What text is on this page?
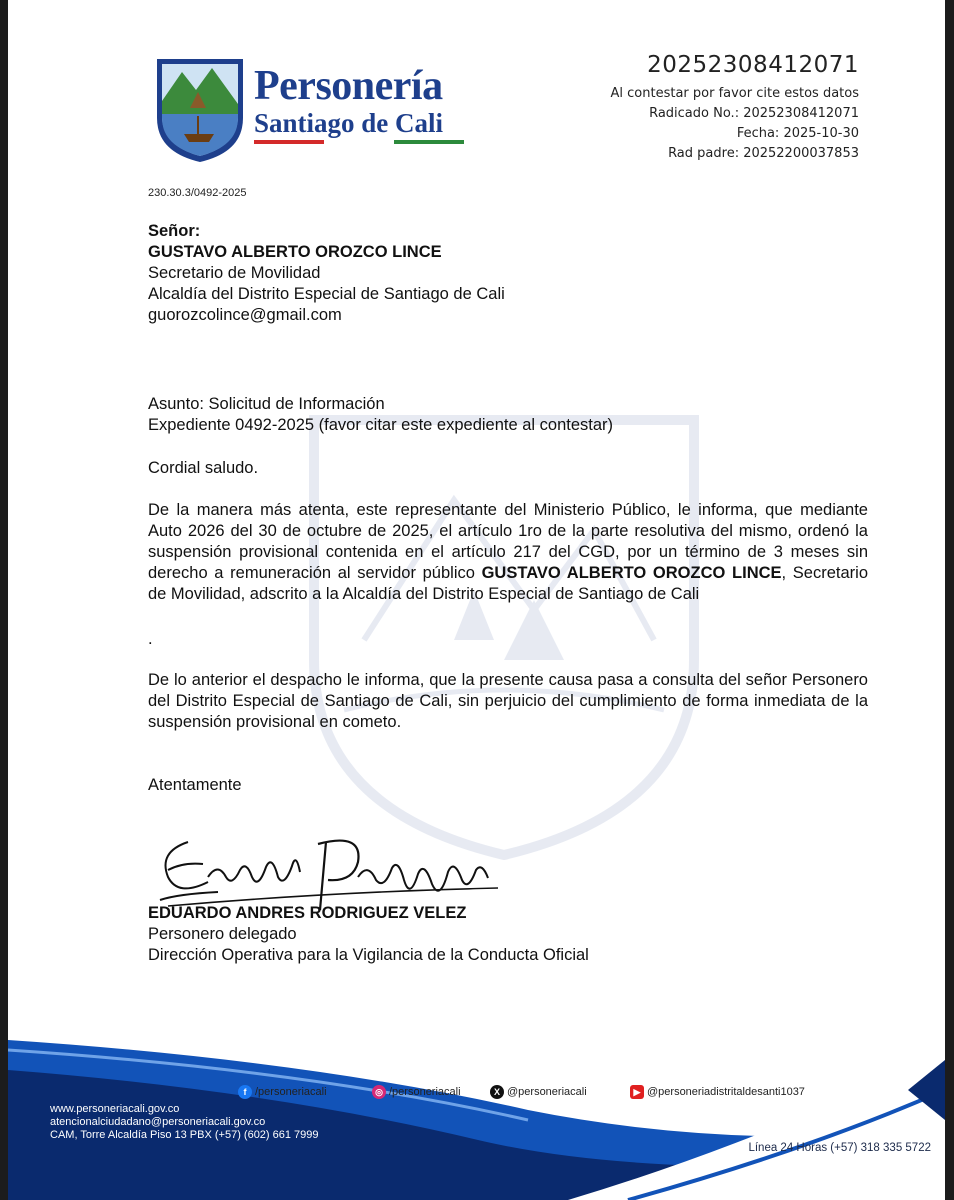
Personería
Santiago de Cali
20252308412071
Al contestar por favor cite estos datos
Radicado No.: 20252308412071
Fecha: 2025-10-30
Rad padre: 20252200037853
230.30.3/0492-2025
Señor:
GUSTAVO ALBERTO OROZCO LINCE
Secretario de Movilidad
Alcaldía del Distrito Especial de Santiago de Cali
guorozcolince@gmail.com
Asunto: Solicitud de Información
Expediente 0492-2025 (favor citar este expediente al contestar)
Cordial saludo.
De la manera más atenta, este representante del Ministerio Público, le informa, que mediante Auto 2026 del 30 de octubre de 2025, el artículo 1ro de la parte resolutiva del mismo, ordenó la suspensión provisional contenida en el artículo 217 del CGD, por un término de 3 meses sin derecho a remuneración al servidor público GUSTAVO ALBERTO OROZCO LINCE, Secretario de Movilidad, adscrito a la Alcaldía del Distrito Especial de Santiago de Cali
.
De lo anterior el despacho le informa, que la presente causa pasa a consulta del señor Personero del Distrito Especial de Santiago de Cali, sin perjuicio del cumplimiento de forma inmediata de la suspensión provisional en cometo.
Atentamente
EDUARDO ANDRES RODRIGUEZ VELEZ
Personero delegado
Dirección Operativa para la Vigilancia de la Conducta Oficial
f /personeriacali	◎ /personeriacali	X @personeriacali	▶ @personeriadistritaldesanti1037
www.personeriacali.gov.co
atencionalciudadano@personeriacali.gov.co
CAM, Torre Alcaldía Piso 13 PBX (+57) (602) 661 7999
Línea 24 Horas (+57) 318 335 5722
